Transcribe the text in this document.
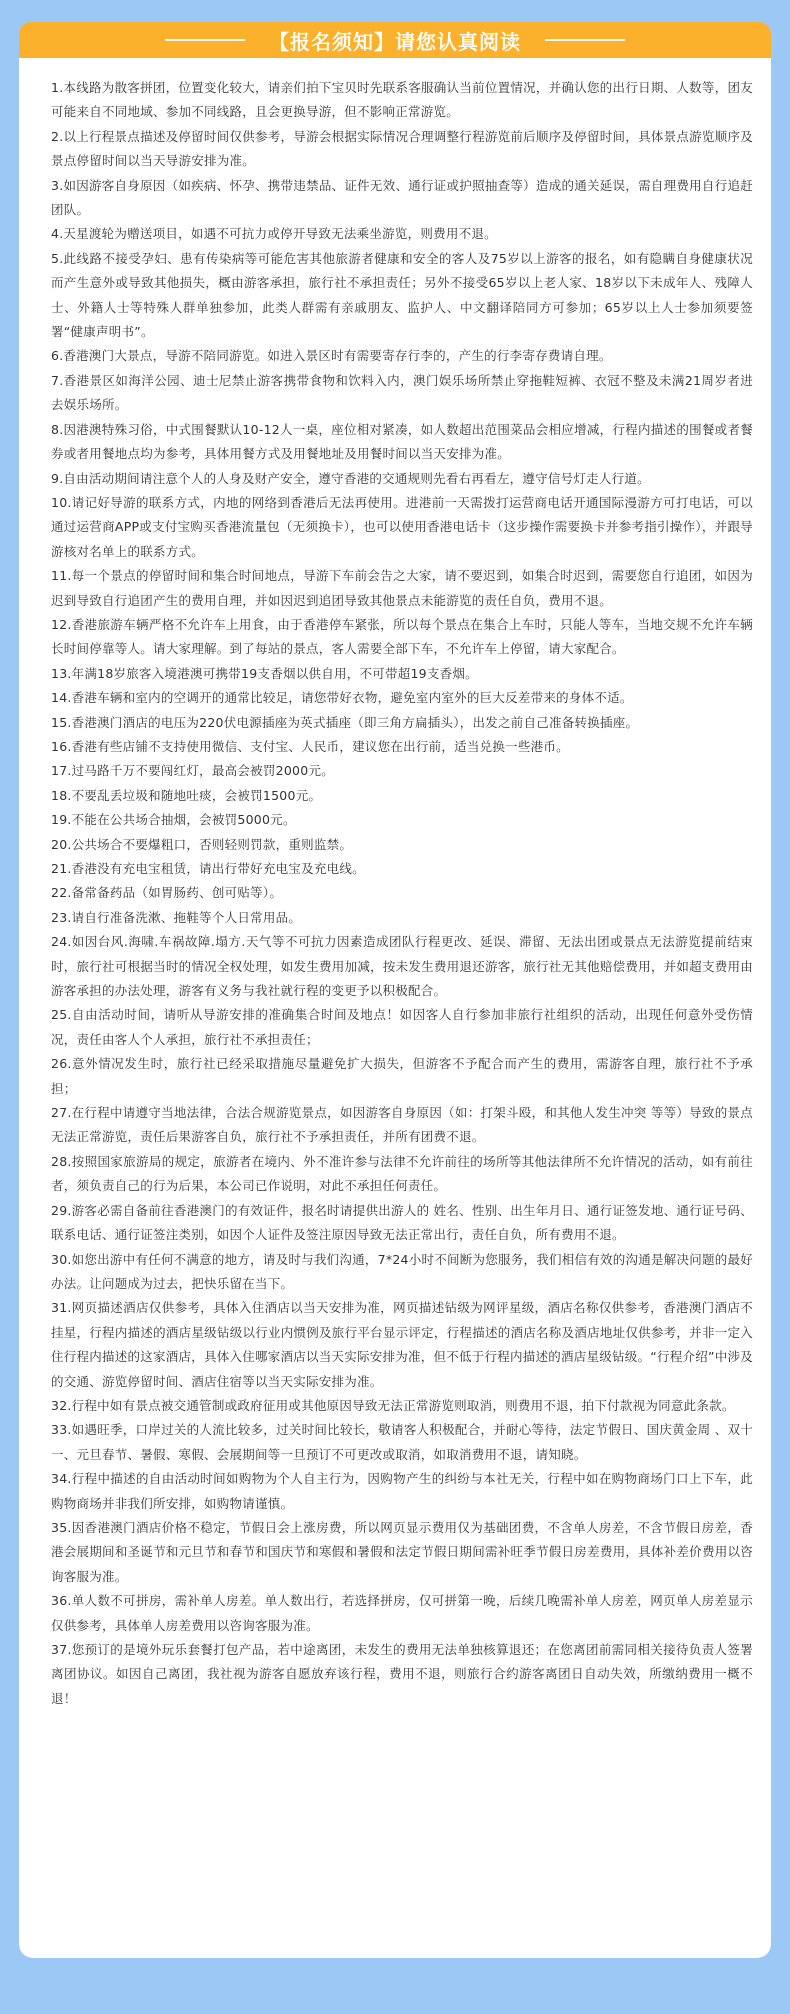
【报名须知】请您认真阅读

1.本线路为散客拼团，位置变化较大，请亲们拍下宝贝时先联系客服确认当前位置情况，并确认您的出行日期、人数等，团友可能来自不同地域、参加不同线路，且会更换导游，但不影响正常游览。

2.以上行程景点描述及停留时间仅供参考，导游会根据实际情况合理调整行程游览前后顺序及停留时间，具体景点游览顺序及景点停留时间以当天导游安排为准。

3.如因游客自身原因（如疾病、怀孕、携带违禁品、证件无效、通行证或护照抽查等）造成的通关延误，需自理费用自行追赶团队。

4.天星渡轮为赠送项目，如遇不可抗力或停开导致无法乘坐游览，则费用不退。

5.此线路不接受孕妇、患有传染病等可能危害其他旅游者健康和安全的客人及75岁以上游客的报名，如有隐瞒自身健康状况而产生意外或导致其他损失，概由游客承担，旅行社不承担责任；另外不接受65岁以上老人家、18岁以下未成年人、残障人士、外籍人士等特殊人群单独参加，此类人群需有亲戚朋友、监护人、中文翻译陪同方可参加；65岁以上人士参加须要签署“健康声明书”。

6.香港澳门大景点，导游不陪同游览。如进入景区时有需要寄存行李的，产生的行李寄存费请自理。

7.香港景区如海洋公园、迪士尼禁止游客携带食物和饮料入内，澳门娱乐场所禁止穿拖鞋短裤、衣冠不整及未满21周岁者进去娱乐场所。

8.因港澳特殊习俗，中式围餐默认10-12人一桌，座位相对紧凑，如人数超出范围菜品会相应增减，行程内描述的围餐或者餐券或者用餐地点均为参考，具体用餐方式及用餐地址及用餐时间以当天安排为准。

9.自由活动期间请注意个人的人身及财产安全，遵守香港的交通规则先看右再看左，遵守信号灯走人行道。

10.请记好导游的联系方式，内地的网络到香港后无法再使用。进港前一天需拨打运营商电话开通国际漫游方可打电话，可以通过运营商APP或支付宝购买香港流量包（无须换卡），也可以使用香港电话卡（这步操作需要换卡并参考指引操作），并跟导游核对名单上的联系方式。

11.每一个景点的停留时间和集合时间地点，导游下车前会告之大家，请不要迟到，如集合时迟到，需要您自行追团，如因为迟到导致自行追团产生的费用自理，并如因迟到追团导致其他景点未能游览的责任自负，费用不退。

12.香港旅游车辆严格不允许车上用食，由于香港停车紧张，所以每个景点在集合上车时，只能人等车，当地交规不允许车辆长时间停靠等人。请大家理解。到了每站的景点，客人需要全部下车，不允许车上停留，请大家配合。

13.年满18岁旅客入境港澳可携带19支香烟以供自用，不可带超19支香烟。

14.香港车辆和室内的空调开的通常比较足，请您带好衣物，避免室内室外的巨大反差带来的身体不适。

15.香港澳门酒店的电压为220伏电源插座为英式插座（即三角方扁插头），出发之前自己准备转换插座。

16.香港有些店铺不支持使用微信、支付宝、人民币，建议您在出行前，适当兑换一些港币。

17.过马路千万不要闯红灯，最高会被罚2000元。

18.不要乱丢垃圾和随地吐痰，会被罚1500元。

19.不能在公共场合抽烟，会被罚5000元。

20.公共场合不要爆粗口，否则轻则罚款，重则监禁。

21.香港没有充电宝租赁，请出行带好充电宝及充电线。

22.备常备药品（如胃肠药、创可贴等）。

23.请自行准备洗漱、拖鞋等个人日常用品。

24.如因台风.海啸.车祸故障.塌方.天气等不可抗力因素造成团队行程更改、延误、滞留、无法出团或景点无法游览提前结束时，旅行社可根据当时的情况全权处理，如发生费用加减，按未发生费用退还游客，旅行社无其他赔偿费用，并如超支费用由游客承担的办法处理，游客有义务与我社就行程的变更予以积极配合。

25.自由活动时间，请听从导游安排的准确集合时间及地点！如因客人自行参加非旅行社组织的活动，出现任何意外受伤情况，责任由客人个人承担，旅行社不承担责任；

26.意外情况发生时，旅行社已经采取措施尽量避免扩大损失，但游客不予配合而产生的费用，需游客自理，旅行社不予承担；

27.在行程中请遵守当地法律，合法合规游览景点，如因游客自身原因（如：打架斗殴，和其他人发生冲突 等等）导致的景点无法正常游览，责任后果游客自负，旅行社不予承担责任，并所有团费不退。

28.按照国家旅游局的规定，旅游者在境内、外不准许参与法律不允许前往的场所等其他法律所不允许情况的活动，如有前往者，须负责自己的行为后果，本公司已作说明，对此不承担任何责任。

29.游客必需自备前往香港澳门的有效证件，报名时请提供出游人的 姓名、性别、出生年月日、通行证签发地、通行证号码、联系电话、通行证签注类别，如因个人证件及签注原因导致无法正常出行，责任自负，所有费用不退。

30.如您出游中有任何不满意的地方，请及时与我们沟通，7*24小时不间断为您服务，我们相信有效的沟通是解决问题的最好办法。让问题成为过去，把快乐留在当下。

31.网页描述酒店仅供参考，具体入住酒店以当天安排为准，网页描述钻级为网评星级，酒店名称仅供参考，香港澳门酒店不挂星，行程内描述的酒店星级钻级以行业内惯例及旅行平台显示评定，行程描述的酒店名称及酒店地址仅供参考，并非一定入住行程内描述的这家酒店，具体入住哪家酒店以当天实际安排为准，但不低于行程内描述的酒店星级钻级。“行程介绍”中涉及的交通、游览停留时间、酒店住宿等以当天实际安排为准。

32.行程中如有景点被交通管制或政府征用或其他原因导致无法正常游览则取消，则费用不退，拍下付款视为同意此条款。

33.如遇旺季，口岸过关的人流比较多，过关时间比较长，敬请客人积极配合，并耐心等待，法定节假日、国庆黄金周 、双十一、元旦春节、暑假、寒假、会展期间等一旦预订不可更改或取消，如取消费用不退，请知晓。

34.行程中描述的自由活动时间如购物为个人自主行为，因购物产生的纠纷与本社无关，行程中如在购物商场门口上下车，此购物商场并非我们所安排，如购物请谨慎。

35.因香港澳门酒店价格不稳定，节假日会上涨房费，所以网页显示费用仅为基础团费，不含单人房差，不含节假日房差，香港会展期间和圣诞节和元旦节和春节和国庆节和寒假和暑假和法定节假日期间需补旺季节假日房差费用，具体补差价费用以咨询客服为准。

36.单人数不可拼房，需补单人房差。单人数出行，若选择拼房，仅可拼第一晚，后续几晚需补单人房差，网页单人房差显示仅供参考，具体单人房差费用以咨询客服为准。

37.您预订的是境外玩乐套餐打包产品，若中途离团，未发生的费用无法单独核算退还；在您离团前需同相关接待负责人签署离团协议。如因自己离团，我社视为游客自愿放弃该行程，费用不退，则旅行合约游客离团日自动失效，所缴纳费用一概不退！
